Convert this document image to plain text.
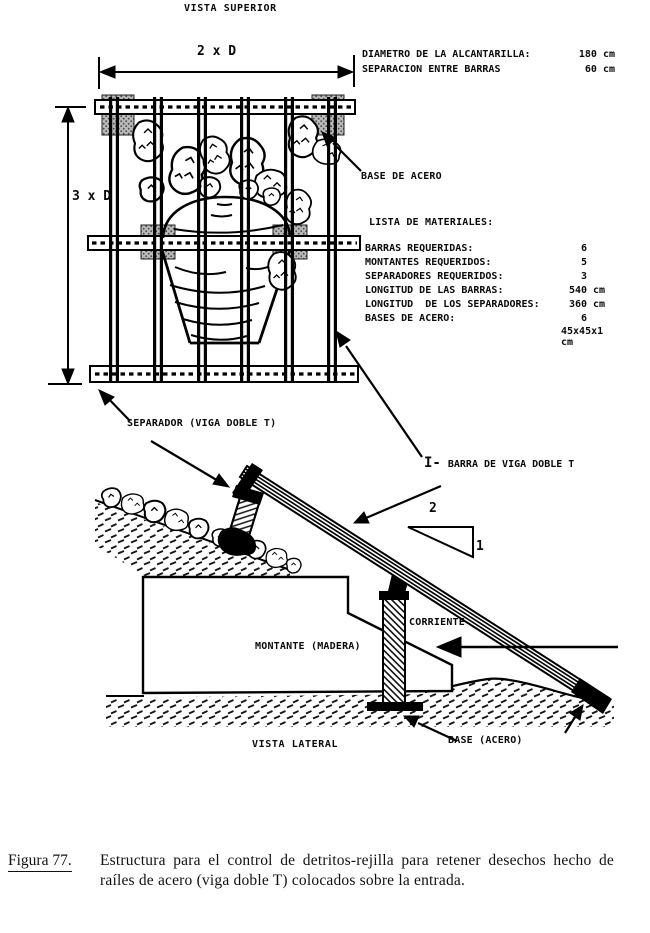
VISTA SUPERIOR
2 x D	DIAMETRO DE LA ALCANTARILLA:	180 cm
SEPARACION ENTRE BARRAS	60 cm
3 x D
BASE DE ACERO
LISTA DE MATERIALES:
BARRAS REQUERIDAS:	6
MONTANTES REQUERIDOS:	5
SEPARADORES REQUERIDOS:	3
LONGITUD DE LAS BARRAS:	540 cm
LONGITUD  DE LOS SEPARADORES:	360 cm
BASES DE ACERO:	6
45x45x1 cm
SEPARADOR (VIGA DOBLE T)
I- BARRA DE VIGA DOBLE T
2
1
CORRIENTE
MONTANTE (MADERA)
VISTA LATERAL	BASE (ACERO)
Figura 77. Estructura para el control de detritos-rejilla para retener desechos hecho de raíles de acero (viga doble T) colocados sobre la entrada.
